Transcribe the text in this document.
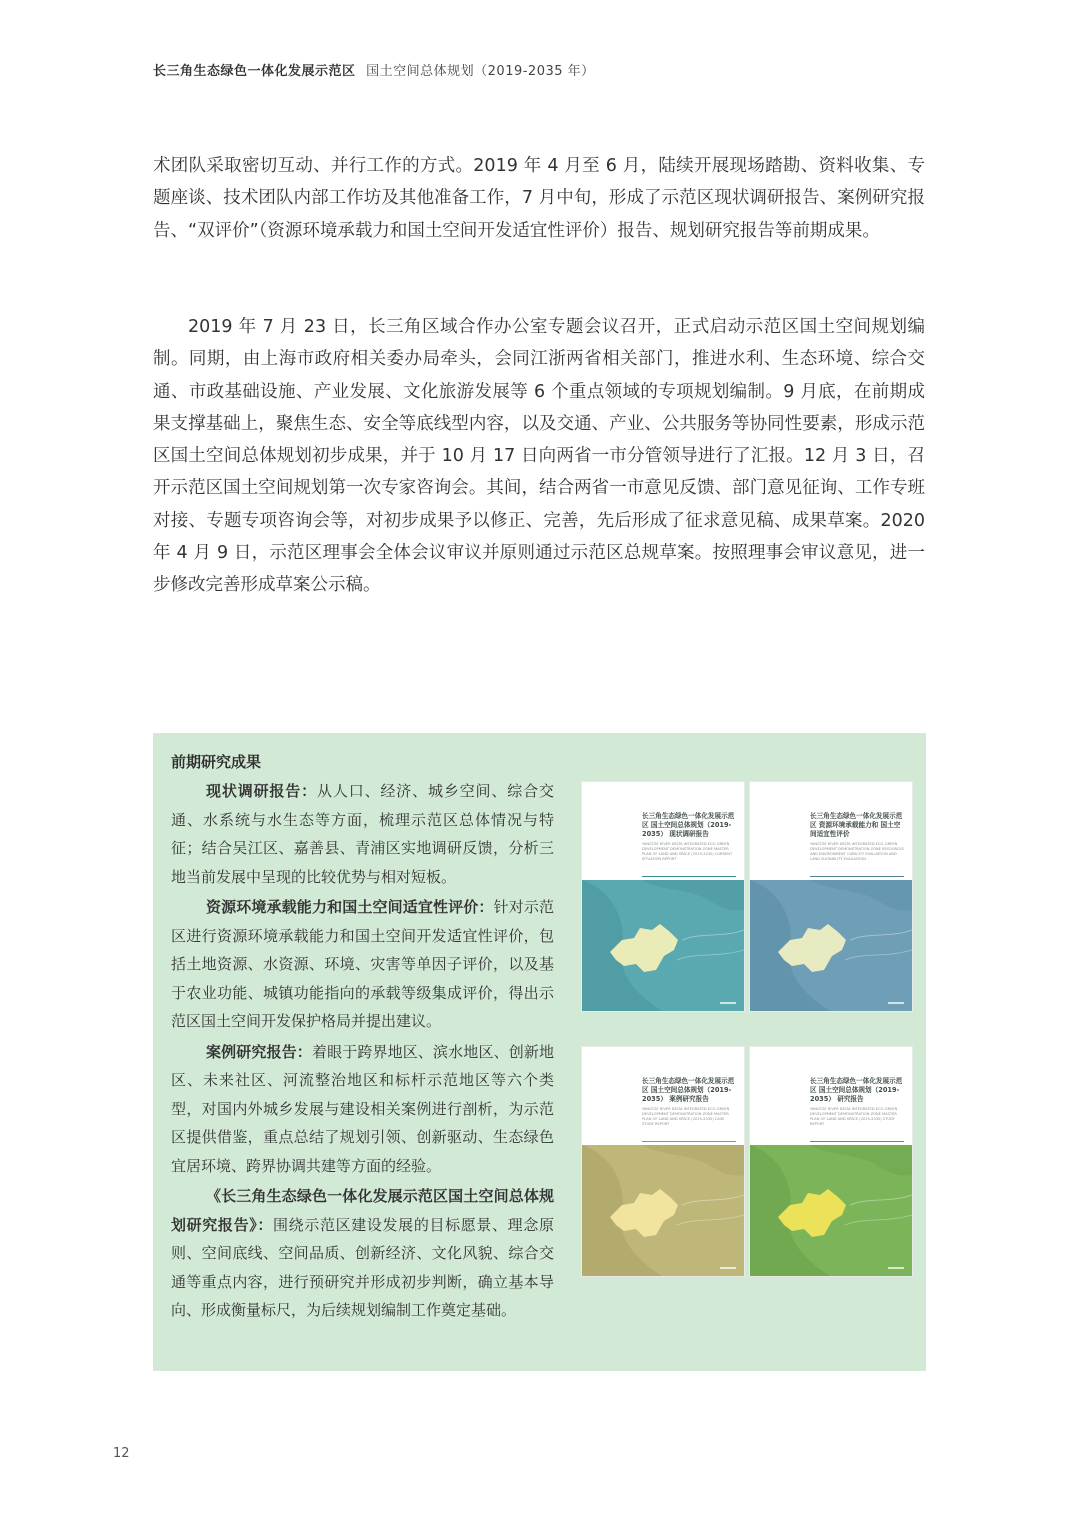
长三角生态绿色一体化发展示范区 国土空间总体规划（2019-2035 年）

术团队采取密切互动、并行工作的方式。2019 年 4 月至 6 月，陆续开展现场踏勘、资料收集、专题座谈、技术团队内部工作坊及其他准备工作，7 月中旬，形成了示范区现状调研报告、案例研究报告、“双评价”（资源环境承载力和国土空间开发适宜性评价）报告、规划研究报告等前期成果。

2019 年 7 月 23 日，长三角区域合作办公室专题会议召开，正式启动示范区国土空间规划编制。同期，由上海市政府相关委办局牵头，会同江浙两省相关部门，推进水利、生态环境、综合交通、市政基础设施、产业发展、文化旅游发展等 6 个重点领域的专项规划编制。9 月底，在前期成果支撑基础上，聚焦生态、安全等底线型内容，以及交通、产业、公共服务等协同性要素，形成示范区国土空间总体规划初步成果，并于 10 月 17 日向两省一市分管领导进行了汇报。12 月 3 日，召开示范区国土空间规划第一次专家咨询会。其间，结合两省一市意见反馈、部门意见征询、工作专班对接、专题专项咨询会等，对初步成果予以修正、完善，先后形成了征求意见稿、成果草案。2020 年 4 月 9 日，示范区理事会全体会议审议并原则通过示范区总规草案。按照理事会审议意见，进一步修改完善形成草案公示稿。

前期研究成果

现状调研报告：从人口、经济、城乡空间、综合交通、水系统与水生态等方面，梳理示范区总体情况与特征；结合吴江区、嘉善县、青浦区实地调研反馈，分析三地当前发展中呈现的比较优势与相对短板。

资源环境承载能力和国土空间适宜性评价：针对示范区进行资源环境承载能力和国土空间开发适宜性评价，包括土地资源、水资源、环境、灾害等单因子评价，以及基于农业功能、城镇功能指向的承载等级集成评价，得出示范区国土空间开发保护格局并提出建议。

案例研究报告：着眼于跨界地区、滨水地区、创新地区、未来社区、河流整治地区和标杆示范地区等六个类型，对国内外城乡发展与建设相关案例进行剖析，为示范区提供借鉴，重点总结了规划引领、创新驱动、生态绿色宜居环境、跨界协调共建等方面的经验。

《长三角生态绿色一体化发展示范区国土空间总体规划研究报告》：围绕示范区建设发展的目标愿景、理念原则、空间底线、空间品质、创新经济、文化风貌、综合交通等重点内容，进行预研究并形成初步判断，确立基本导向、形成衡量标尺，为后续规划编制工作奠定基础。

长三角生态绿色一体化发展示范区 国土空间总体规划（2019-2035） 现状调研报告
YANGTZE RIVER DELTA INTEGRATED ECO-GREEN DEVELOPMENT DEMONSTRATION ZONE MASTER PLAN OF LAND AND SPACE (2019-2035) CURRENT SITUATION REPORT
长三角生态绿色一体化发展示范区 资源环境承载能力和 国土空间适宜性评价
YANGTZE RIVER DELTA INTEGRATED ECO-GREEN DEVELOPMENT DEMONSTRATION ZONE RESOURCES AND ENVIRONMENT CAPACITY EVALUATION AND LAND SUITABILITY EVALUATION
长三角生态绿色一体化发展示范区 国土空间总体规划（2019-2035） 案例研究报告
YANGTZE RIVER DELTA INTEGRATED ECO-GREEN DEVELOPMENT DEMONSTRATION ZONE MASTER PLAN OF LAND AND SPACE (2019-2035) CASE STUDY REPORT
长三角生态绿色一体化发展示范区 国土空间总体规划（2019-2035） 研究报告
YANGTZE RIVER DELTA INTEGRATED ECO-GREEN DEVELOPMENT DEMONSTRATION ZONE MASTER PLAN OF LAND AND SPACE (2019-2035) STUDY REPORT
12
